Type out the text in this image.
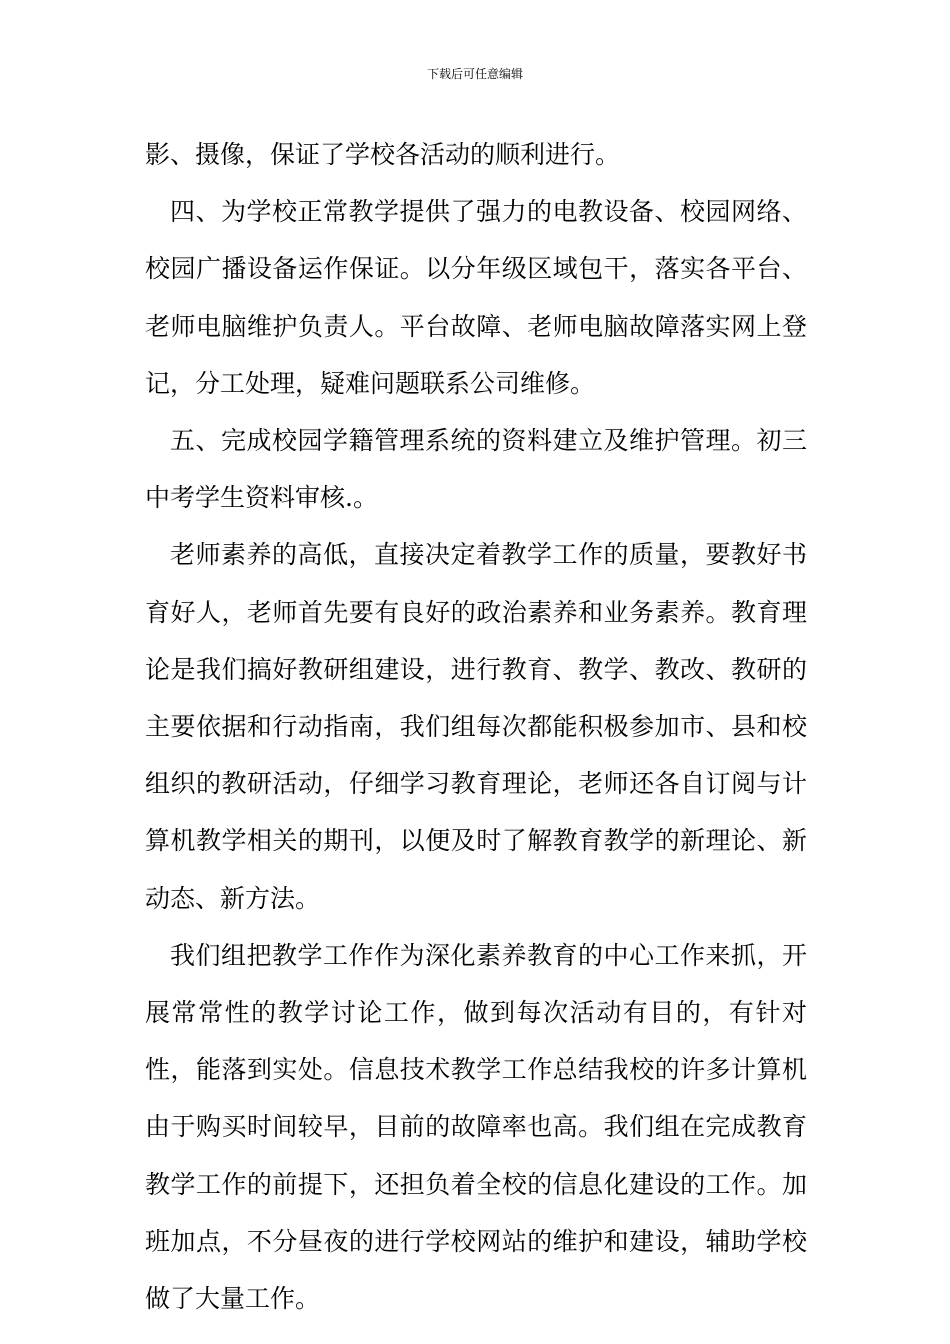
下载后可任意编辑

影、摄像，保证了学校各活动的顺利进行。

四、为学校正常教学提供了强力的电教设备、校园网络、校园广播设备运作保证。以分年级区域包干，落实各平台、老师电脑维护负责人。平台故障、老师电脑故障落实网上登记，分工处理，疑难问题联系公司维修。

五、完成校园学籍管理系统的资料建立及维护管理。初三中考学生资料审核.。

老师素养的高低，直接决定着教学工作的质量，要教好书育好人，老师首先要有良好的政治素养和业务素养。教育理论是我们搞好教研组建设，进行教育、教学、教改、教研的主要依据和行动指南，我们组每次都能积极参加市、县和校组织的教研活动，仔细学习教育理论，老师还各自订阅与计算机教学相关的期刊，以便及时了解教育教学的新理论、新动态、新方法。

我们组把教学工作作为深化素养教育的中心工作来抓，开展常常性的教学讨论工作，做到每次活动有目的，有针对性，能落到实处。信息技术教学工作总结我校的许多计算机由于购买时间较早，目前的故障率也高。我们组在完成教育教学工作的前提下，还担负着全校的信息化建设的工作。加班加点，不分昼夜的进行学校网站的维护和建设，辅助学校做了大量工作。
